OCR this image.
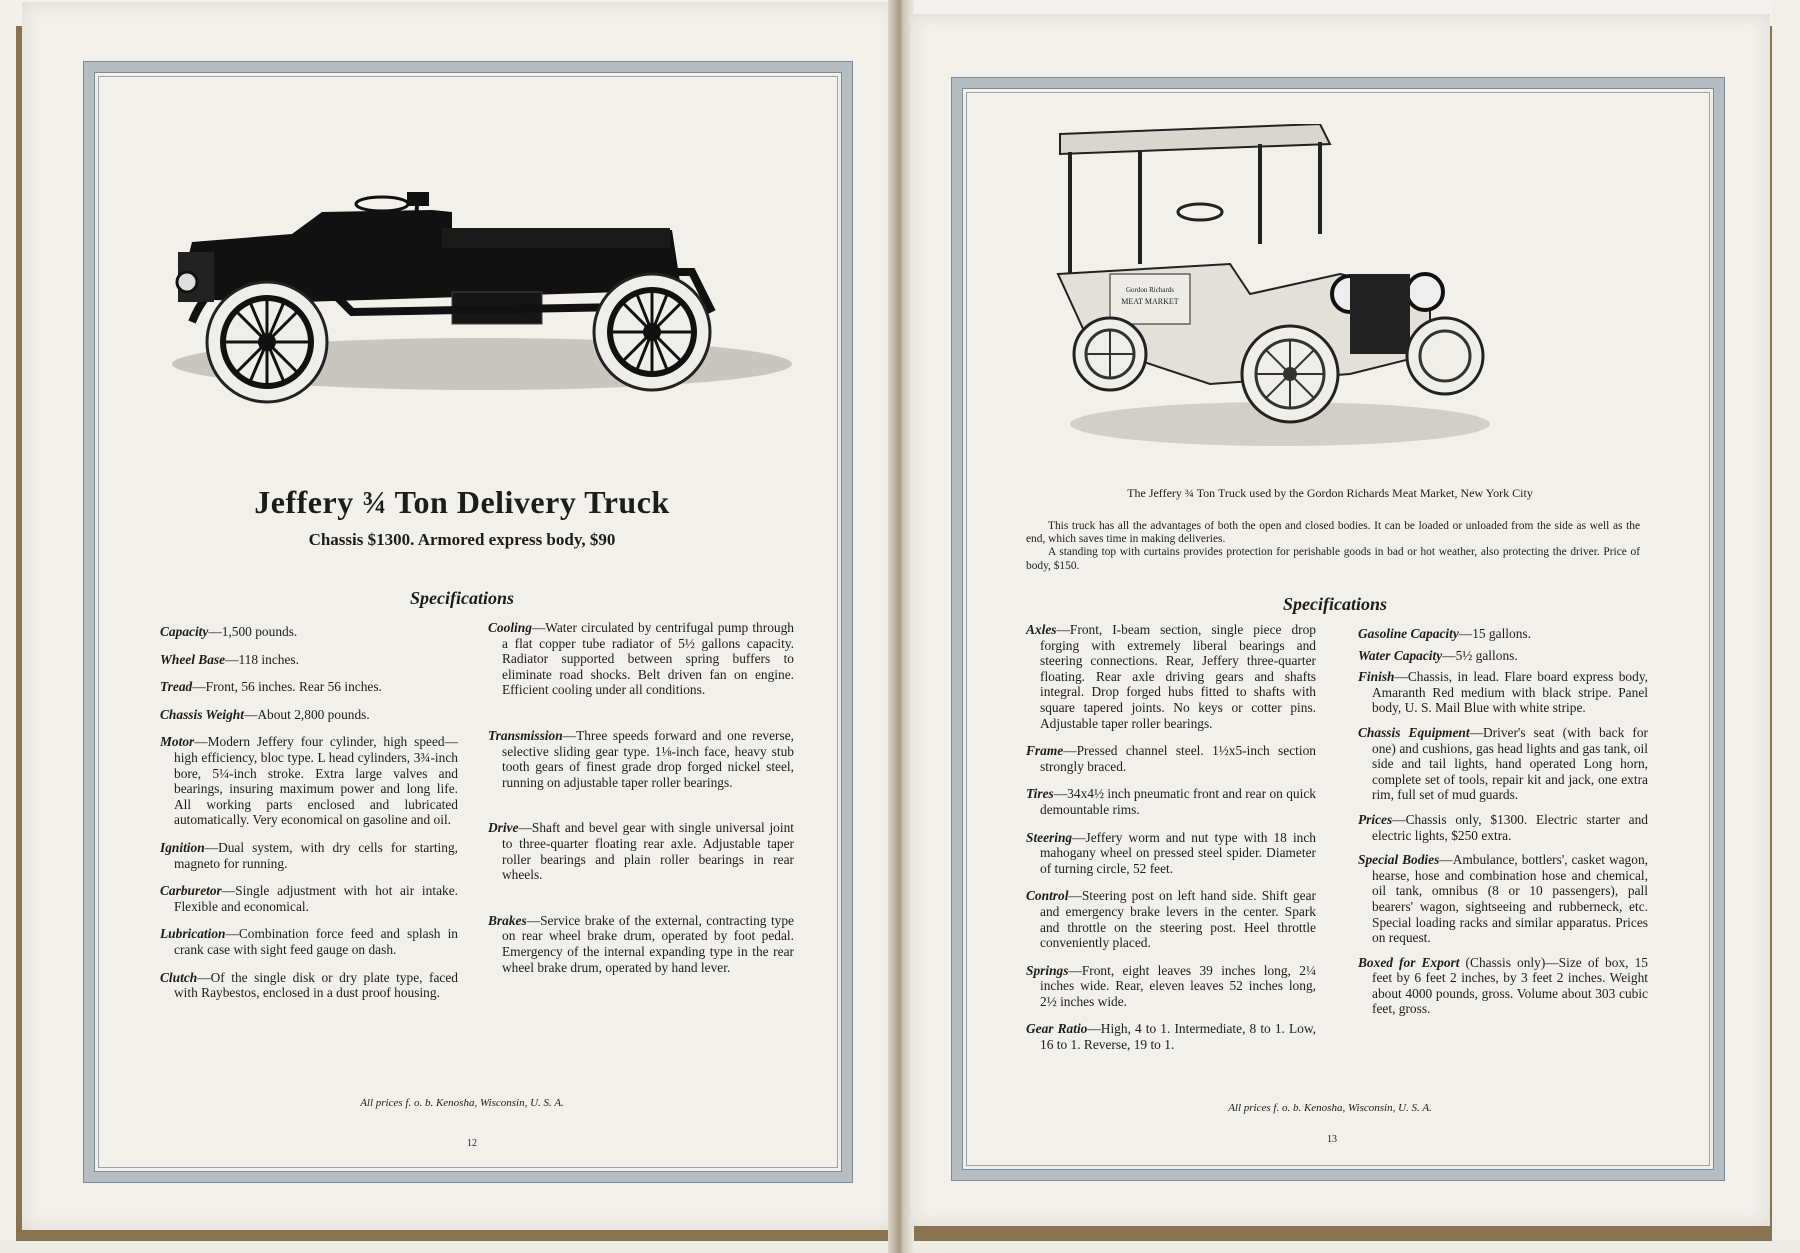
Jeffery ¾ Ton Delivery Truck
Chassis $1300. Armored express body, $90
Specifications
Capacity—1,500 pounds.
Wheel Base—118 inches.
Tread—Front, 56 inches. Rear 56 inches.
Chassis Weight—About 2,800 pounds.
Motor—Modern Jeffery four cylinder, high speed—high efficiency, bloc type. L head cylinders, 3¾-inch bore, 5¼-inch stroke. Extra large valves and bearings, insuring maximum power and long life. All working parts enclosed and lubricated automatically. Very economical on gasoline and oil.
Ignition—Dual system, with dry cells for starting, magneto for running.
Carburetor—Single adjustment with hot air intake. Flexible and economical.
Lubrication—Combination force feed and splash in crank case with sight feed gauge on dash.
Clutch—Of the single disk or dry plate type, faced with Raybestos, enclosed in a dust proof housing.
Cooling—Water circulated by centrifugal pump through a flat copper tube radiator of 5½ gallons capacity. Radiator supported between spring buffers to eliminate road shocks. Belt driven fan on engine. Efficient cooling under all conditions.
Transmission—Three speeds forward and one reverse, selective sliding gear type. 1⅛-inch face, heavy stub tooth gears of finest grade drop forged nickel steel, running on adjustable taper roller bearings.
Drive—Shaft and bevel gear with single universal joint to three-quarter floating rear axle. Adjustable taper roller bearings and plain roller bearings in rear wheels.
Brakes—Service brake of the external, contracting type on rear wheel brake drum, operated by foot pedal. Emergency of the internal expanding type in the rear wheel brake drum, operated by hand lever.
All prices f. o. b. Kenosha, Wisconsin, U. S. A.
12
Gordon Richards
MEAT MARKET
The Jeffery ¾ Ton Truck used by the Gordon Richards Meat Market, New York City

This truck has all the advantages of both the open and closed bodies. It can be loaded or unloaded from the side as well as the end, which saves time in making deliveries.

A standing top with curtains provides protection for perishable goods in bad or hot weather, also protecting the driver. Price of body, $150.

Specifications
Axles—Front, I-beam section, single piece drop forging with extremely liberal bearings and steering connections. Rear, Jeffery three-quarter floating. Rear axle driving gears and shafts integral. Drop forged hubs fitted to shafts with square tapered joints. No keys or cotter pins. Adjustable taper roller bearings.
Frame—Pressed channel steel. 1½x5-inch section strongly braced.
Tires—34x4½ inch pneumatic front and rear on quick demountable rims.
Steering—Jeffery worm and nut type with 18 inch mahogany wheel on pressed steel spider. Diameter of turning circle, 52 feet.
Control—Steering post on left hand side. Shift gear and emergency brake levers in the center. Spark and throttle on the steering post. Heel throttle conveniently placed.
Springs—Front, eight leaves 39 inches long, 2¼ inches wide. Rear, eleven leaves 52 inches long, 2½ inches wide.
Gear Ratio—High, 4 to 1. Intermediate, 8 to 1. Low, 16 to 1. Reverse, 19 to 1.
Gasoline Capacity—15 gallons.
Water Capacity—5½ gallons.
Finish—Chassis, in lead. Flare board express body, Amaranth Red medium with black stripe. Panel body, U. S. Mail Blue with white stripe.
Chassis Equipment—Driver's seat (with back for one) and cushions, gas head lights and gas tank, oil side and tail lights, hand operated Long horn, complete set of tools, repair kit and jack, one extra rim, full set of mud guards.
Prices—Chassis only, $1300. Electric starter and electric lights, $250 extra.
Special Bodies—Ambulance, bottlers', casket wagon, hearse, hose and combination hose and chemical, oil tank, omnibus (8 or 10 passengers), pall bearers' wagon, sightseeing and rubberneck, etc. Special loading racks and similar apparatus. Prices on request.
Boxed for Export (Chassis only)—Size of box, 15 feet by 6 feet 2 inches, by 3 feet 2 inches. Weight about 4000 pounds, gross. Volume about 303 cubic feet, gross.
All prices f. o. b. Kenosha, Wisconsin, U. S. A.
13
